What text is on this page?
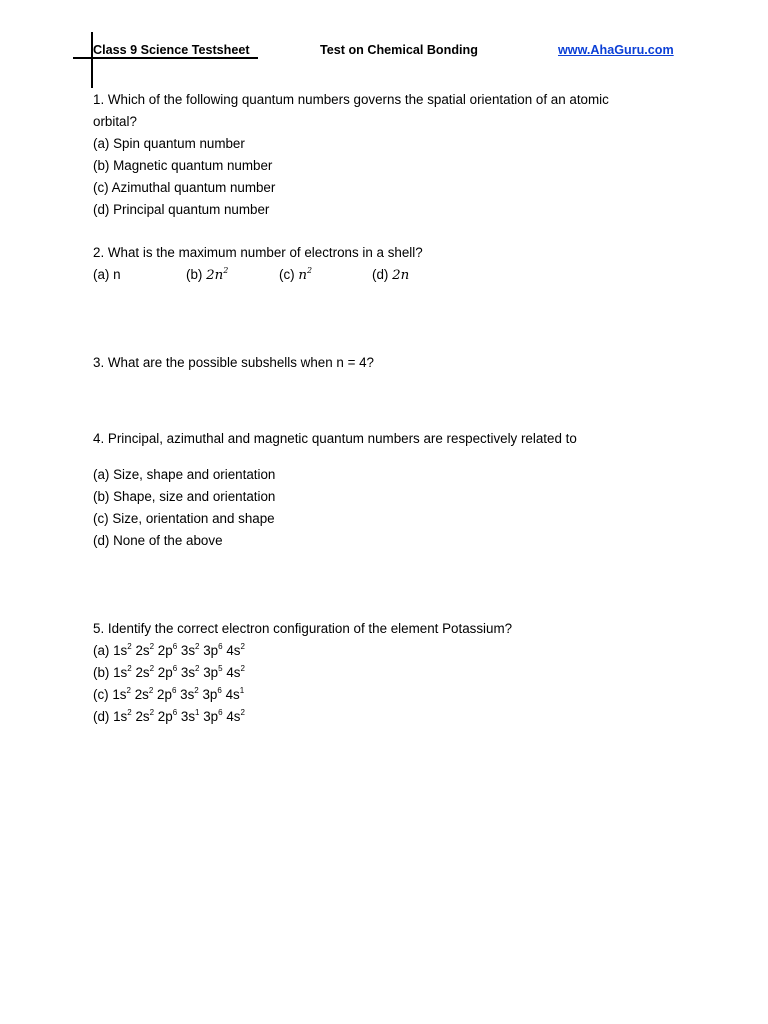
Class 9 Science Testsheet	Test on Chemical Bonding	www.AhaGuru.com
1. Which of the following quantum numbers governs the spatial orientation of an atomic
orbital?
(a) Spin quantum number
(b) Magnetic quantum number
(c) Azimuthal quantum number
(d) Principal quantum number
2. What is the maximum number of electrons in a shell?
(a) n	(b) $2n^2$	(c) $n^2$	(d) 2n
3. What are the possible subshells when n = 4?
4. Principal, azimuthal and magnetic quantum numbers are respectively related to
(a) Size, shape and orientation
(b) Shape, size and orientation
(c) Size, orientation and shape
(d) None of the above
5. Identify the correct electron configuration of the element Potassium?
(a) $1s^2$ $2s^2$ $2p^6$ $3s^2$ $3p^6$ $4s^2$
(b) $1s^2$ $2s^2$ $2p^6$ $3s^2$ $3p^5$ $4s^2$
(c) $1s^2$ $2s^2$ $2p^6$ $3s^2$ $3p^6$ $4s^1$
(d) $1s^2$ $2s^2$ $2p^6$ $3s^1$ $3p^6$ $4s^2$
